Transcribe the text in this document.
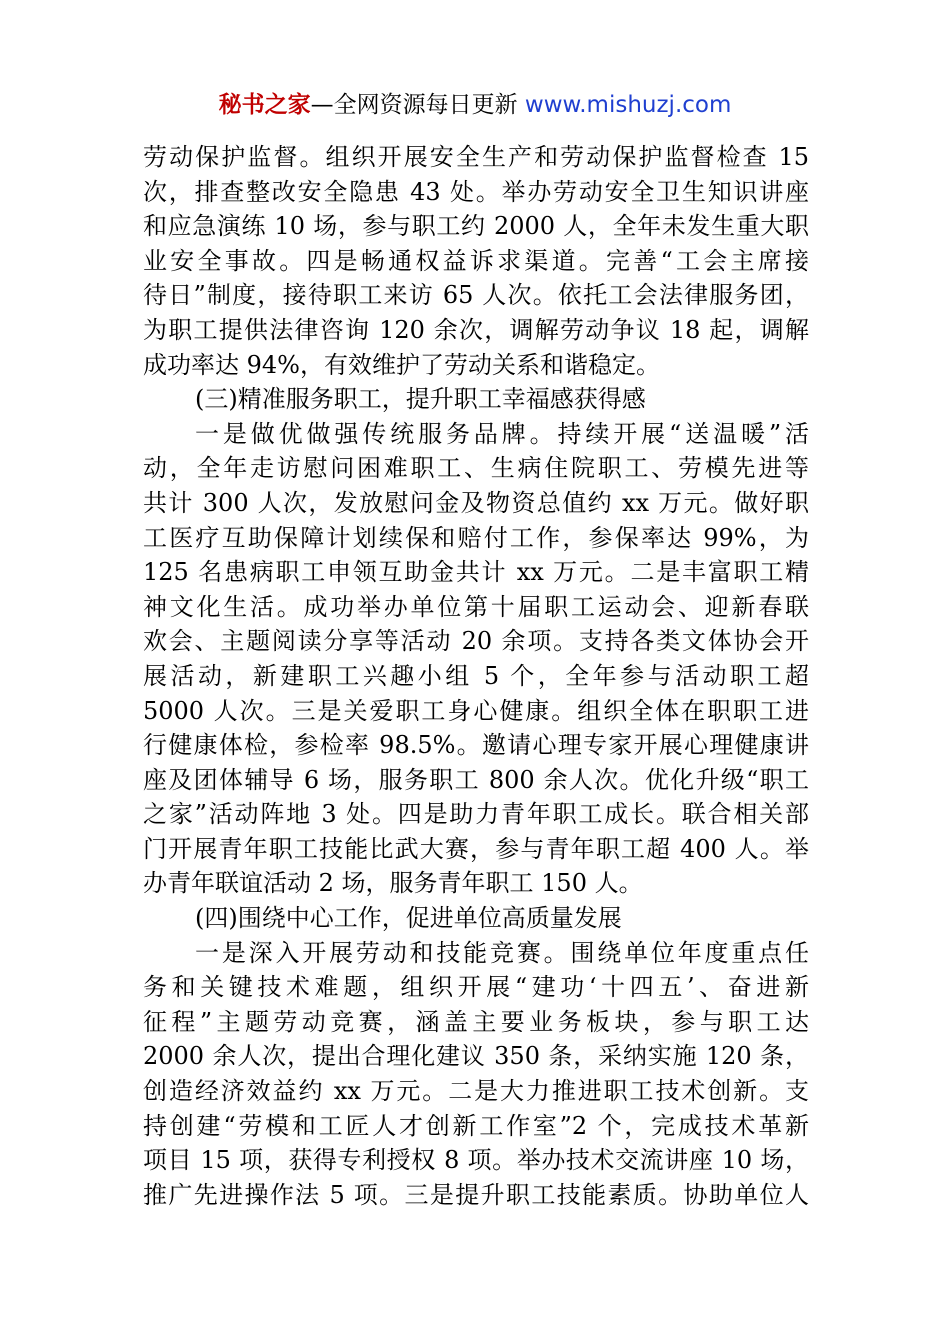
秘书之家—全网资源每日更新 www.mishuzj.com
劳动保护监督。组织开展安全生产和劳动保护监督检查 15
次，排查整改安全隐患 43 处。举办劳动安全卫生知识讲座
和应急演练 10 场，参与职工约 2000 人，全年未发生重大职
业安全事故。四是畅通权益诉求渠道。完善“工会主席接
待日”制度，接待职工来访 65 人次。依托工会法律服务团，
为职工提供法律咨询 120 余次，调解劳动争议 18 起，调解
成功率达 94%，有效维护了劳动关系和谐稳定。
(三)精准服务职工，提升职工幸福感获得感
一是做优做强传统服务品牌。持续开展“送温暖”活
动，全年走访慰问困难职工、生病住院职工、劳模先进等
共计 300 人次，发放慰问金及物资总值约 xx 万元。做好职
工医疗互助保障计划续保和赔付工作，参保率达 99%，为
125 名患病职工申领互助金共计 xx 万元。二是丰富职工精
神文化生活。成功举办单位第十届职工运动会、迎新春联
欢会、主题阅读分享等活动 20 余项。支持各类文体协会开
展活动，新建职工兴趣小组 5 个，全年参与活动职工超
5000 人次。三是关爱职工身心健康。组织全体在职职工进
行健康体检，参检率 98.5%。邀请心理专家开展心理健康讲
座及团体辅导 6 场，服务职工 800 余人次。优化升级“职工
之家”活动阵地 3 处。四是助力青年职工成长。联合相关部
门开展青年职工技能比武大赛，参与青年职工超 400 人。举
办青年联谊活动 2 场，服务青年职工 150 人。
(四)围绕中心工作，促进单位高质量发展
一是深入开展劳动和技能竞赛。围绕单位年度重点任
务和关键技术难题，组织开展“建功‘十四五’、奋进新
征程”主题劳动竞赛，涵盖主要业务板块，参与职工达
2000 余人次，提出合理化建议 350 条，采纳实施 120 条，
创造经济效益约 xx 万元。二是大力推进职工技术创新。支
持创建“劳模和工匠人才创新工作室”2 个，完成技术革新
项目 15 项，获得专利授权 8 项。举办技术交流讲座 10 场，
推广先进操作法 5 项。三是提升职工技能素质。协助单位人
